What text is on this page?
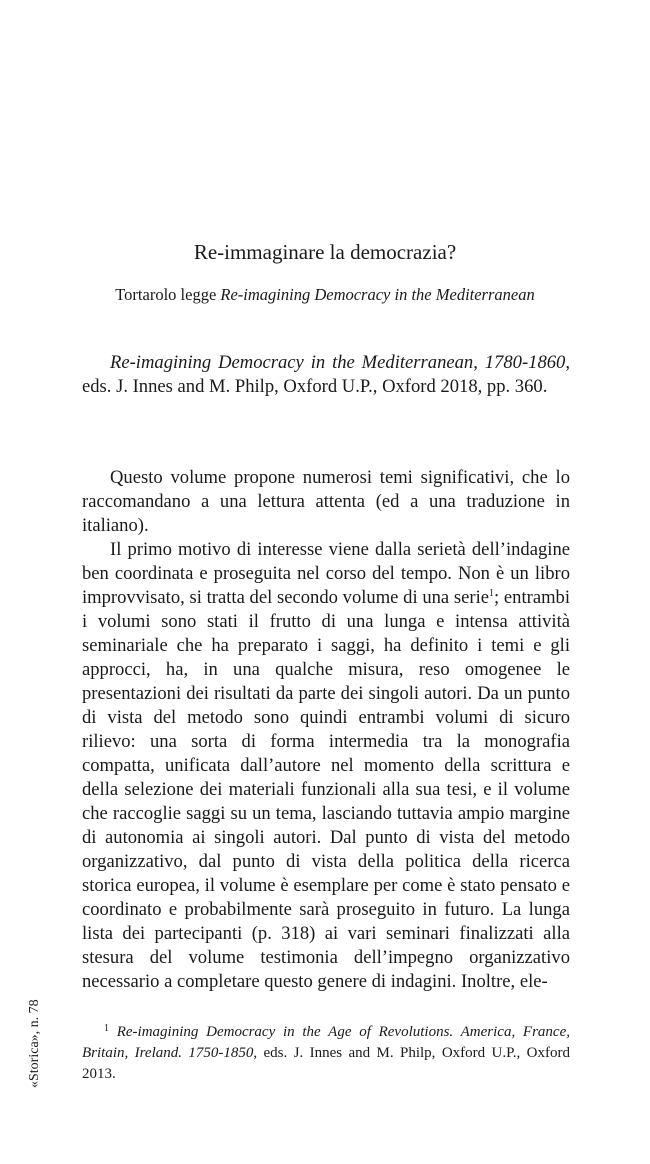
Re-immaginare la democrazia?
Tortarolo legge Re-imagining Democracy in the Mediterranean

Re-imagining Democracy in the Mediterranean, 1780-1860, eds. J. Innes and M. Philp, Oxford U.P., Oxford 2018, pp. 360.

Questo volume propone numerosi temi significativi, che lo raccomandano a una lettura attenta (ed a una traduzione in italiano).

Il primo motivo di interesse viene dalla serietà dell’indagine ben coordinata e proseguita nel corso del tempo. Non è un libro improvvisato, si tratta del secondo volume di una serie$^1$; entrambi i volumi sono stati il frutto di una lunga e intensa attività seminariale che ha preparato i saggi, ha definito i temi e gli approcci, ha, in una qualche misura, reso omogenee le presentazioni dei risultati da parte dei singoli autori. Da un punto di vista del metodo sono quindi entrambi volumi di sicuro rilievo: una sorta di forma intermedia tra la monografia compatta, unificata dall’autore nel momento della scrittura e della selezione dei materiali funzionali alla sua tesi, e il volume che raccoglie saggi su un tema, lasciando tuttavia ampio margine di autonomia ai singoli autori. Dal punto di vista del metodo organizzativo, dal punto di vista della politica della ricerca storica europea, il volume è esemplare per come è stato pensato e coordinato e probabilmente sarà proseguito in futuro. La lunga lista dei partecipanti (p. 318) ai vari seminari finalizzati alla stesura del volume testimonia dell’impegno organizzativo necessario a completare questo genere di indagini. Inoltre, ele-

$^1$ Re-imagining Democracy in the Age of Revolutions. America, France, Britain, Ireland. 1750-1850, eds. J. Innes and M. Philp, Oxford U.P., Oxford 2013.

«Storica», n. 78
